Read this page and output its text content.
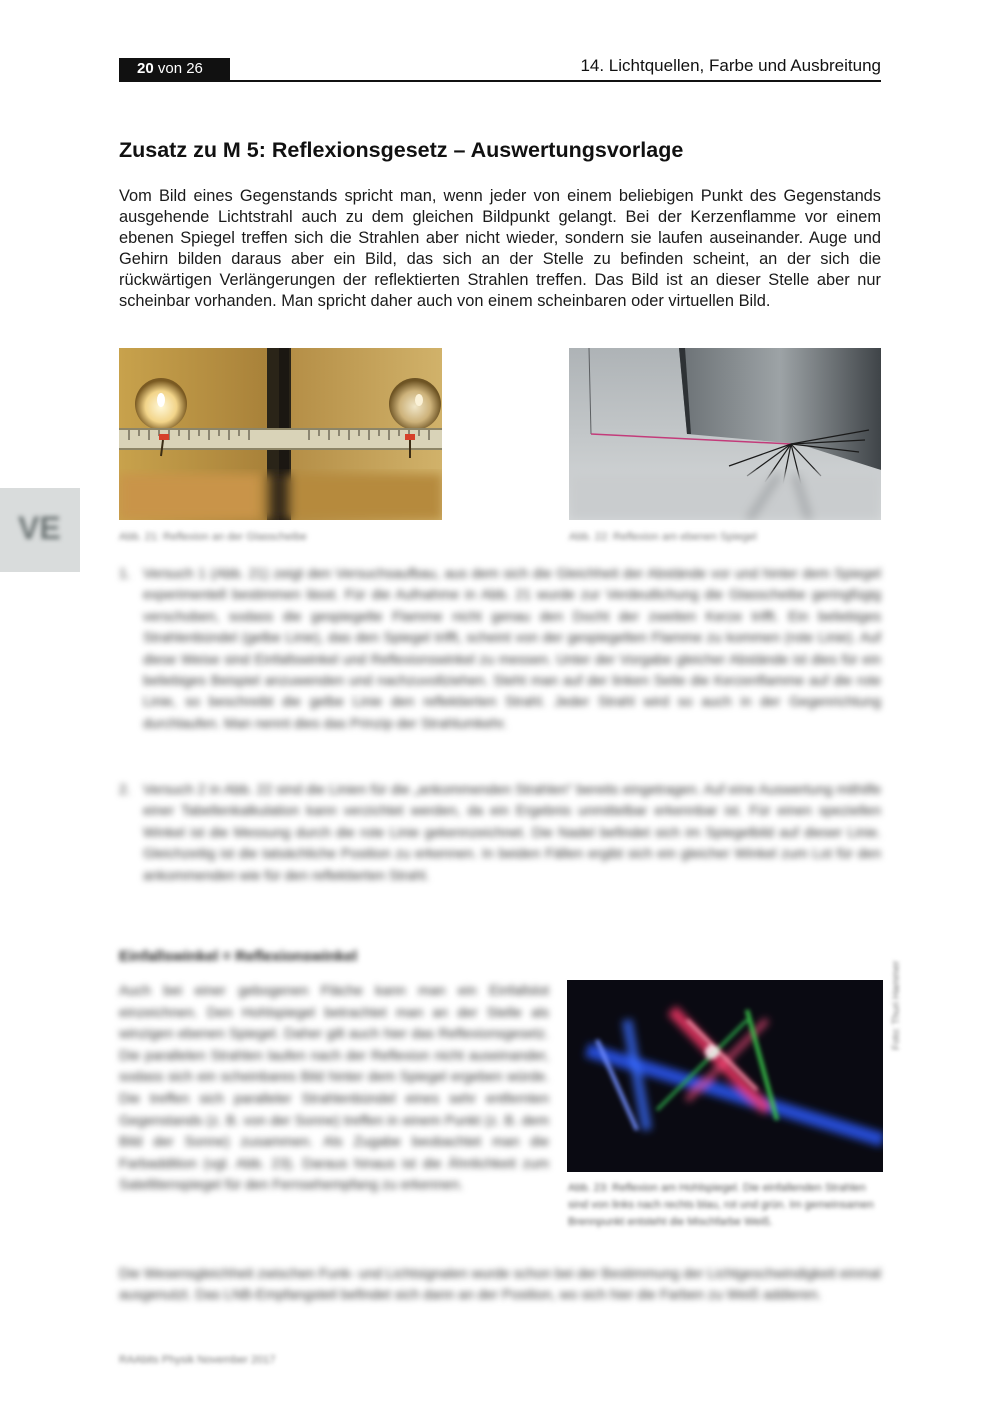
20 von 26	14. Lichtquellen, Farbe und Ausbreitung
VE
Zusatz zu M 5: Reflexionsgesetz – Auswertungsvorlage

Vom Bild eines Gegenstands spricht man, wenn jeder von einem beliebigen Punkt des Gegenstands ausgehende Lichtstrahl auch zu dem gleichen Bildpunkt gelangt. Bei der Kerzenflamme vor einem ebenen Spiegel treffen sich die Strahlen aber nicht wieder, sondern sie laufen auseinander. Auge und Gehirn bilden daraus aber ein Bild, das sich an der Stelle zu befinden scheint, an der sich die rückwärtigen Verlängerungen der reflektierten Strahlen treffen. Das Bild ist an dieser Stelle aber nur scheinbar vorhanden. Man spricht daher auch von einem scheinbaren oder virtuellen Bild.

Abb. 21: Reflexion an der Glasscheibe	Abb. 22: Reflexion am ebenen Spiegel
1. Versuch 1 (Abb. 21) zeigt den Versuchsaufbau, aus dem sich die Gleichheit der Abstände vor und hinter dem Spiegel experimentell bestimmen lässt. Für die Aufnahme in Abb. 21 wurde zur Verdeutlichung die Glasscheibe geringfügig verschoben, sodass die gespiegelte Flamme nicht genau den Docht der zweiten Kerze trifft. Ein beliebiges Strahlenbündel (gelbe Linie), das den Spiegel trifft, scheint von der gespiegelten Flamme zu kommen (rote Linie). Auf diese Weise sind Einfallswinkel und Reflexionswinkel zu messen. Unter der Vorgabe gleicher Abstände ist dies für ein beliebiges Beispiel anzuwenden und nachzuvollziehen. Steht man auf der linken Seite die Kerzenflamme auf die rote Linie, so beschreibt die gelbe Linie den reflektierten Strahl. Jeder Strahl wird so auch in der Gegenrichtung durchlaufen. Man nennt dies das Prinzip der Strahlumkehr.
2. Versuch 2 in Abb. 22 sind die Linien für die „ankommenden Strahlen" bereits eingetragen. Auf eine Auswertung mithilfe einer Tabellenkalkulation kann verzichtet werden, da ein Ergebnis unmittelbar erkennbar ist. Für einen speziellen Winkel ist die Messung durch die rote Linie gekennzeichnet. Die Nadel befindet sich im Spiegelbild auf dieser Linie. Gleichzeitig ist die tatsächliche Position zu erkennen. In beiden Fällen ergibt sich ein gleicher Winkel zum Lot für den ankommenden wie für den reflektierten Strahl.
Einfallswinkel = Reflexionswinkel
Auch bei einer gebogenen Fläche kann man ein Einfallslot einzeichnen. Den Hohlspiegel betrachtet man an der Stelle als winzigen ebenen Spiegel. Daher gilt auch hier das Reflexionsgesetz. Die parallelen Strahlen laufen nach der Reflexion nicht auseinander, sodass sich ein scheinbares Bild hinter dem Spiegel ergeben würde. Die treffen sich paralleler Strahlenbündel eines sehr entfernten Gegenstands (z. B. von der Sonne) treffen in einem Punkt (z. B. dem Bild der Sonne) zusammen. Als Zugabe beobachtet man die Farbaddition (vgl. Abb. 23). Daraus hinaus ist die Ähnlichkeit zum Satellitenspiegel für den Fernsehempfang zu erkennen.
Foto: Thuri Hammer
Abb. 23: Reflexion am Hohlspiegel. Die einfallenden Strahlen sind von links nach rechts blau, rot und grün. Im gemeinsamen Brennpunkt entsteht die Mischfarbe Weiß.
Die Wesensgleichheit zwischen Funk- und Lichtsignalen wurde schon bei der Bestimmung der Lichtgeschwindigkeit einmal ausgenutzt. Das LNB-Empfangsteil befindet sich dann an der Position, wo sich hier die Farben zu Weiß addieren.
RAAbits Physik November 2017
